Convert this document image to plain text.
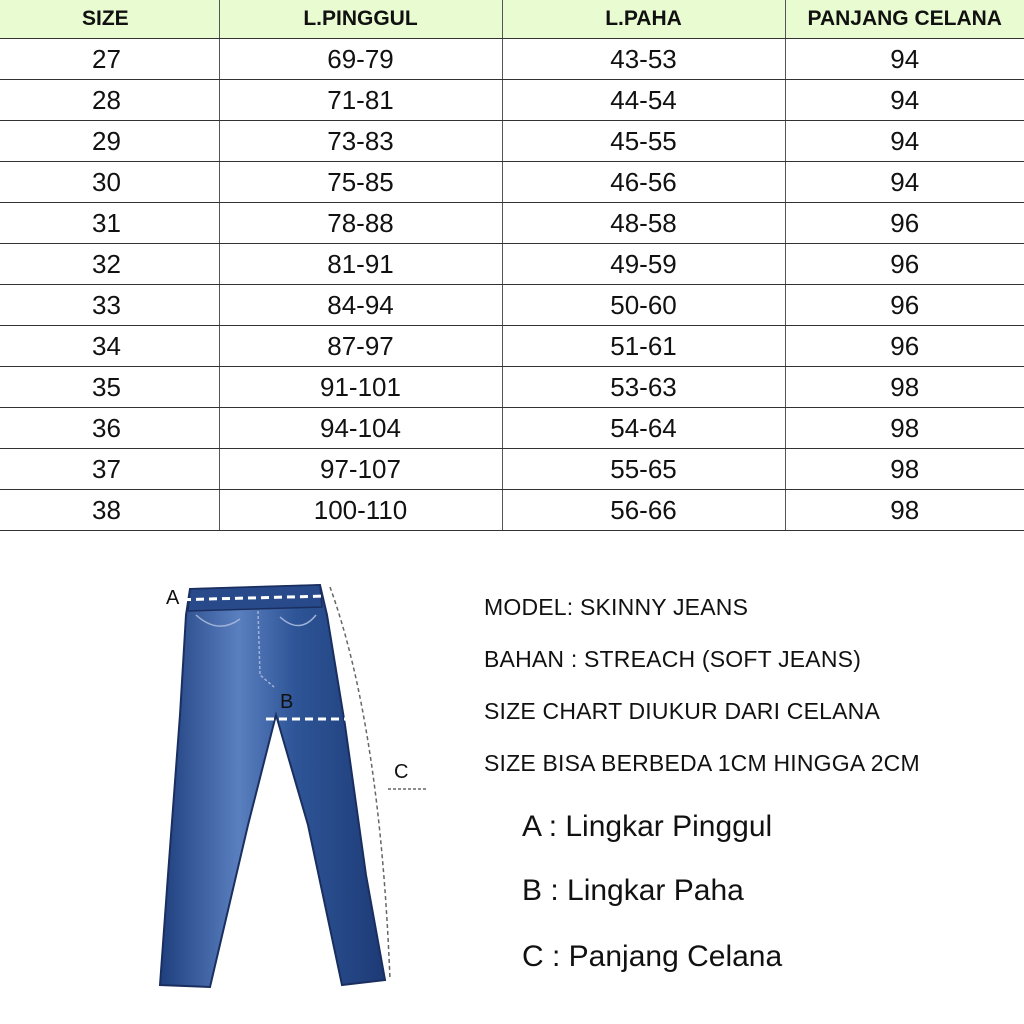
SIZE	L.PINGGUL	L.PAHA	PANJANG CELANA
27	69-79	43-53	94
28	71-81	44-54	94
29	73-83	45-55	94
30	75-85	46-56	94
31	78-88	48-58	96
32	81-91	49-59	96
33	84-94	50-60	96
34	87-97	51-61	96
35	91-101	53-63	98
36	94-104	54-64	98
37	97-107	55-65	98
38	100-110	56-66	98
A
B
C
MODEL: SKINNY JEANS
BAHAN : STREACH (SOFT JEANS)
SIZE CHART DIUKUR DARI CELANA
SIZE BISA BERBEDA 1CM HINGGA 2CM
A : Lingkar Pinggul
B : Lingkar Paha
C : Panjang Celana
